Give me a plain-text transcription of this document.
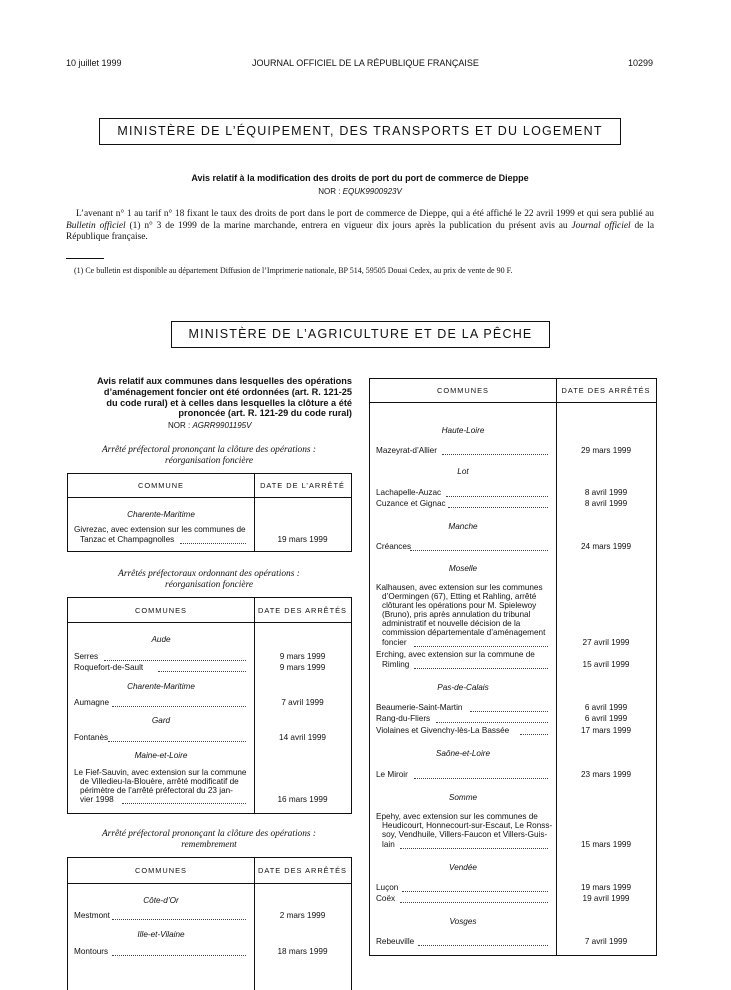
10 juillet 1999	JOURNAL OFFICIEL DE LA RÉPUBLIQUE FRANÇAISE	10299
MINISTÈRE DE L’ÉQUIPEMENT, DES TRANSPORTS ET DU LOGEMENT
Avis relatif à la modification des droits de port du port de commerce de Dieppe
NOR : EQUK9900923V
L’avenant n° 1 au tarif n° 18 fixant le taux des droits de port dans le port de commerce de Dieppe, qui a été affiché le 22 avril 1999 et qui sera publié au Bulletin officiel (1) n° 3 de 1999 de la marine marchande, entrera en vigueur dix jours après la publication du présent avis au Journal officiel de la République française.
(1) Ce bulletin est disponible au département Diffusion de l’Imprimerie nationale, BP 514, 59505 Douai Cedex, au prix de vente de 90 F.
MINISTÈRE DE L’AGRICULTURE ET DE LA PÊCHE
Avis relatif aux communes dans lesquelles des opérations
d’aménagement foncier ont été ordonnées (art. R. 121-25
du code rural) et à celles dans lesquelles la clôture a été
prononcée (art. R. 121-29 du code rural)
NOR : AGRR9901195V
Arrêté préfectoral prononçant la clôture des opérations :
réorganisation foncière
COMMUNE	DATE DE L’ARRÊTÉ
Charente-Maritime
Givrezac, avec extension sur les communes de
Tanzac et Champagnolles	19 mars 1999
Arrêtés préfectoraux ordonnant des opérations :
réorganisation foncière
COMMUNES	DATE DES ARRÊTÉS
Aude
Serres	9 mars 1999
Roquefort-de-Sault	9 mars 1999
Charente-Maritime
Aumagne	7 avril 1999
Gard
Fontanès	14 avril 1999
Maine-et-Loire
Le Fief-Sauvin, avec extension sur la commune
de Villedieu-la-Blouère, arrêté modificatif de
périmètre de l’arrêté préfectoral du 23 jan-
vier 1998	16 mars 1999
Arrêté préfectoral prononçant la clôture des opérations :
remembrement
COMMUNES	DATE DES ARRÊTÉS
Côte-d’Or
Mestmont	2 mars 1999
Ille-et-Vilaine
Montours	18 mars 1999
COMMUNES	DATE DES ARRÊTÉS
Haute-Loire
Mazeyrat-d’Allier	29 mars 1999
Lot
Lachapelle-Auzac	8 avril 1999
Cuzance et Gignac	8 avril 1999
Manche
Créances	24 mars 1999
Moselle
Kalhausen, avec extension sur les communes
d’Oermingen (67), Etting et Rahling, arrêté
clôturant les opérations pour M. Spielewoy
(Bruno), pris après annulation du tribunal
administratif et nouvelle décision de la
commission départementale d’aménagement
foncier	27 avril 1999
Erching, avec extension sur la commune de
Rimling	15 avril 1999
Pas-de-Calais
Beaumerie-Saint-Martin	6 avril 1999
Rang-du-Fliers	6 avril 1999
Violaines et Givenchy-lès-La Bassée	17 mars 1999
Saône-et-Loire
Le Miroir	23 mars 1999
Somme
Epehy, avec extension sur les communes de
Heudicourt, Honnecourt-sur-Escaut, Le Ronss-
soy, Vendhuile, Villers-Faucon et Villers-Guis-
lain	15 mars 1999
Vendée
Luçon	19 mars 1999
Coëx	19 avril 1999
Vosges
Rebeuville	7 avril 1999
